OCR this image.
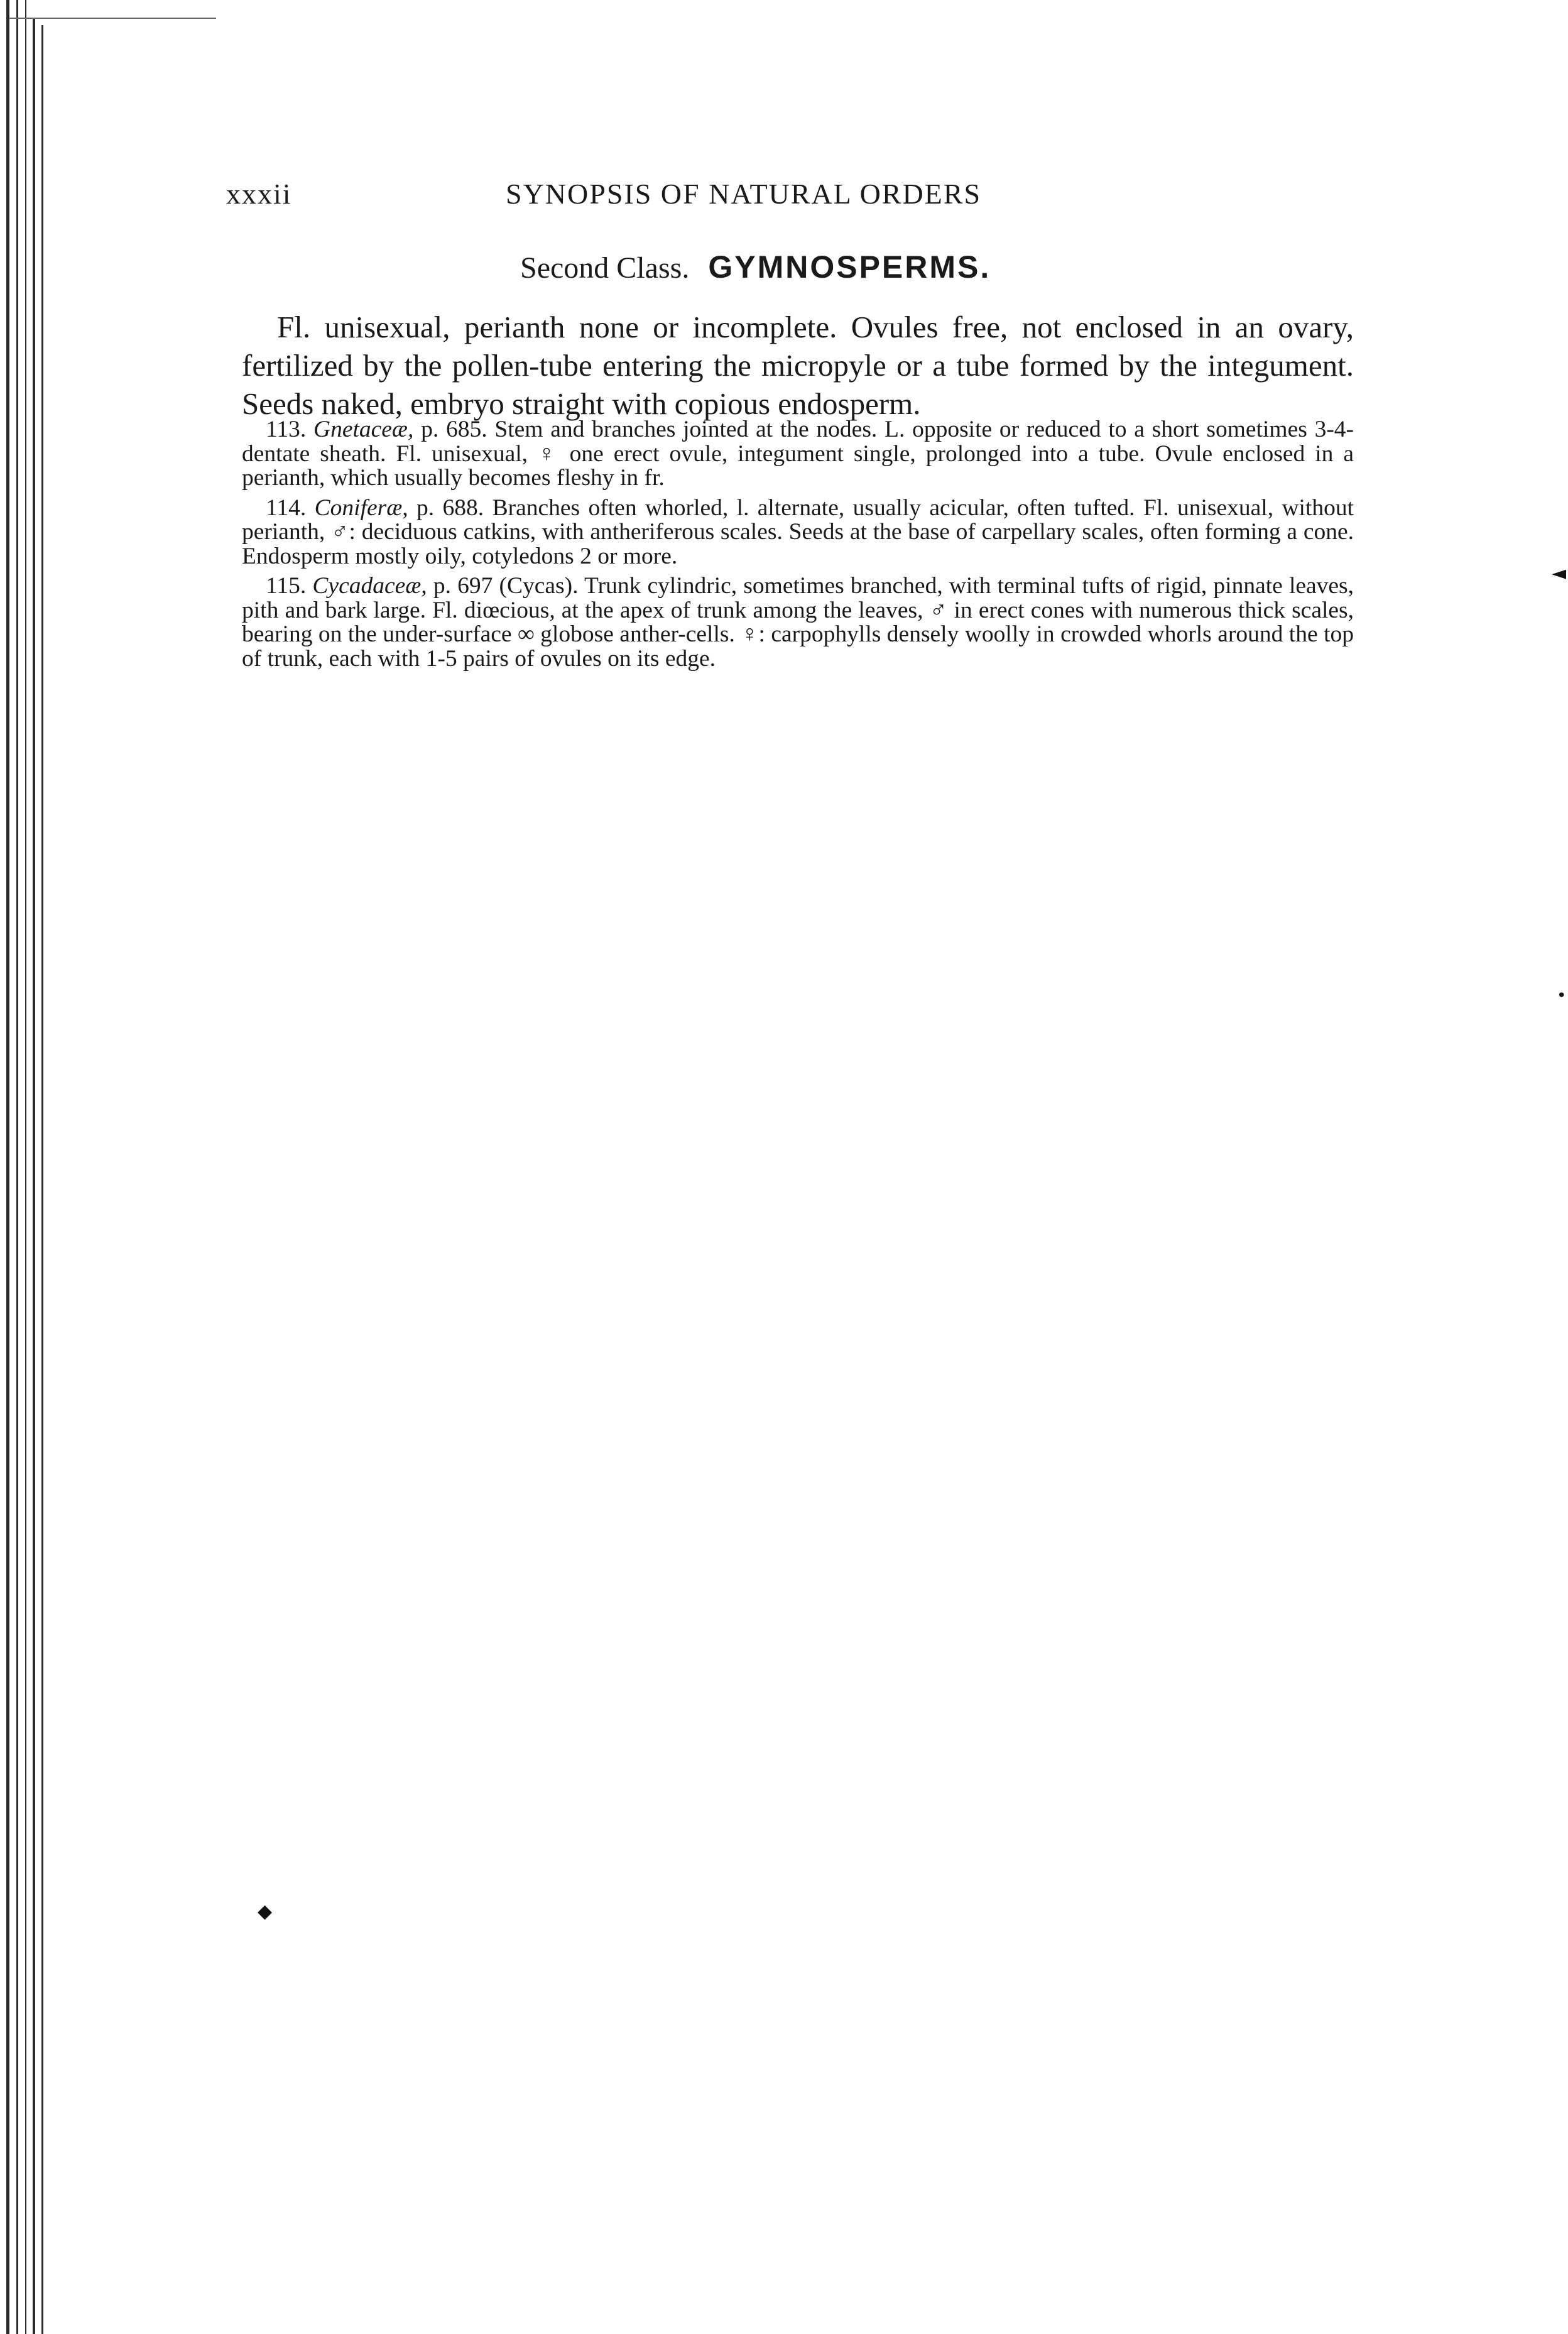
xxxii	SYNOPSIS OF NATURAL ORDERS
Second Class. GYMNOSPERMS.
Fl. unisexual, perianth none or incomplete. Ovules free, not enclosed in an ovary, fertilized by the pollen-tube entering the micropyle or a tube formed by the integument. Seeds naked, embryo straight with copious endosperm.

113. Gnetaceæ, p. 685. Stem and branches jointed at the nodes. L. opposite or reduced to a short sometimes 3-4-dentate sheath. Fl. unisexual, ♀ one erect ovule, integument single, prolonged into a tube. Ovule enclosed in a perianth, which usually becomes fleshy in fr.

114. Coniferæ, p. 688. Branches often whorled, l. alternate, usually acicular, often tufted. Fl. unisexual, without perianth, ♂: deciduous catkins, with antheriferous scales. Seeds at the base of carpellary scales, often forming a cone. Endosperm mostly oily, cotyledons 2 or more.

115. Cycadaceæ, p. 697 (Cycas). Trunk cylindric, sometimes branched, with terminal tufts of rigid, pinnate leaves, pith and bark large. Fl. diœcious, at the apex of trunk among the leaves, ♂ in erect cones with numerous thick scales, bearing on the under-surface ∞ globose anther-cells. ♀: carpophylls densely woolly in crowded whorls around the top of trunk, each with 1-5 pairs of ovules on its edge.

◄
•
◆
